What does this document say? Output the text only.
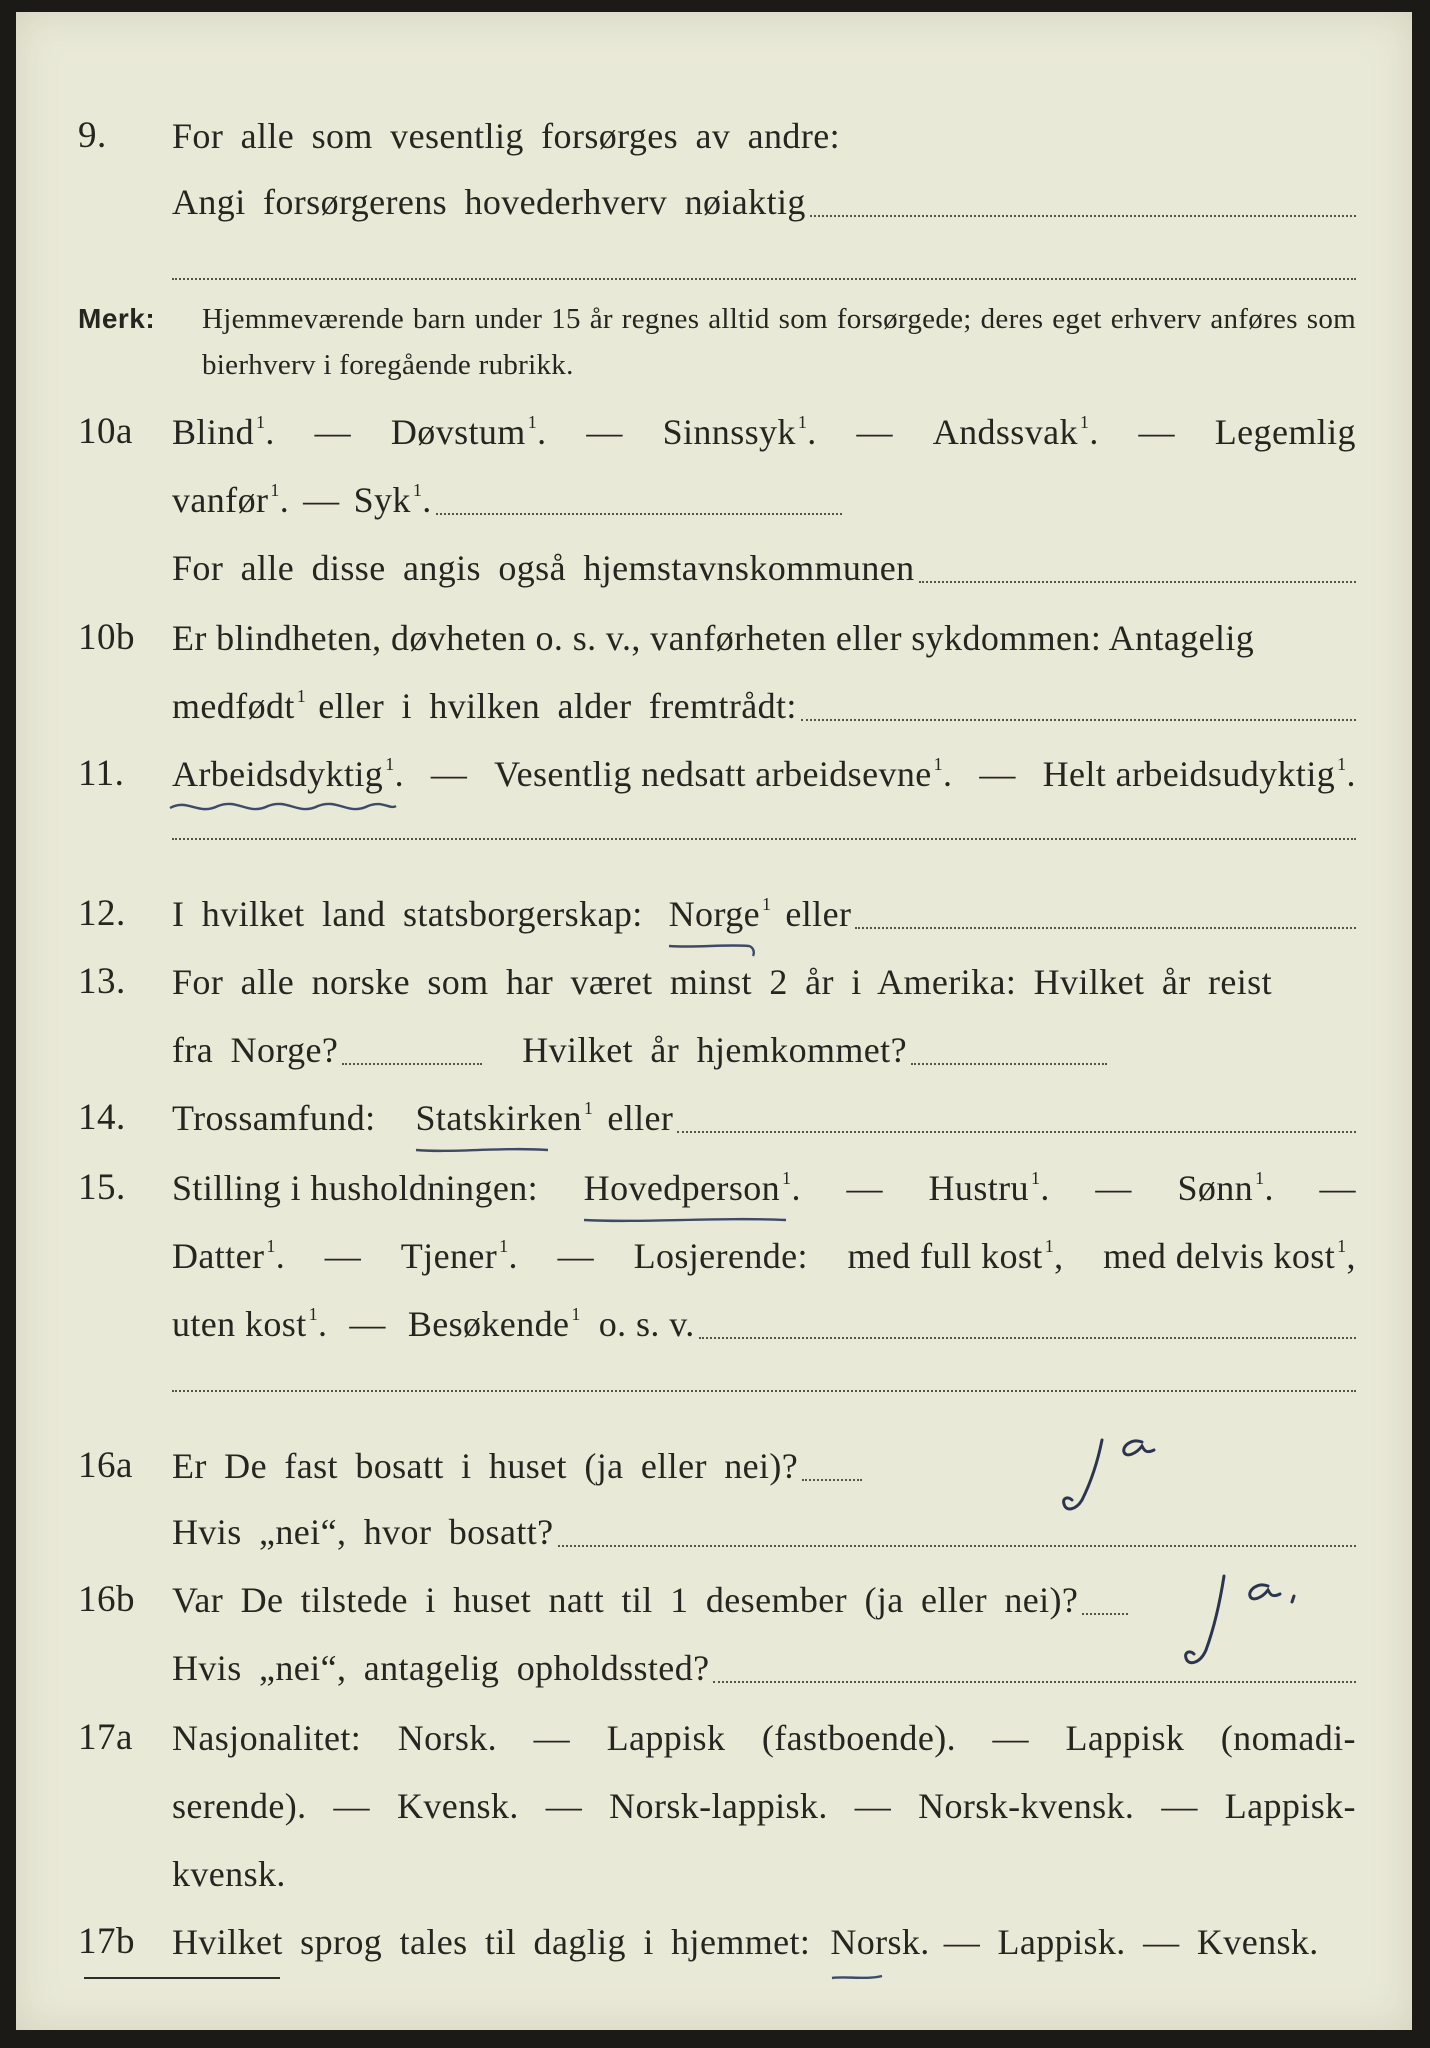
9. For alle som vesentlig forsørges av andre:
Angi forsørgerens hovederhverv nøiaktig
Merk: Hjemmeværende barn under 15 år regnes alltid som forsørgede; deres eget erhverv anføres som bierhverv i foregående rubrikk.
10a Blind $^1$. — Døvstum $^1$. — Sinnssyk $^1$. — Andssvak $^1$. — Legemlig
vanfør $^1$. — Syk $^1$.
For alle disse angis også hjemstavnskommunen
10b Er blindheten, døvheten o. s. v., vanførheten eller sykdommen: Antagelig
medfødt $^1$ eller i hvilken alder fremtrådt:
11. Arbeidsdyktig $^1$. — Vesentlig nedsatt arbeidsevne $^1$. — Helt arbeidsudyktig $^1$.
12. I hvilket land statsborgerskap: Norge $^1$ eller
13. For alle norske som har været minst 2 år i Amerika: Hvilket år reist
fra Norge?	Hvilket år hjemkommet?
14. Trossamfund: Statskirken $^1$ eller
15. Stilling i husholdningen: Hovedperson $^1$. — Hustru $^1$. — Sønn $^1$. —
Datter $^1$. — Tjener $^1$. — Losjerende: med full kost $^1$, med delvis kost $^1$,
uten kost $^1$. — Besøkende $^1$ o. s. v.
16a Er De fast bosatt i huset (ja eller nei)?
Hvis „nei“, hvor bosatt?
16b Var De tilstede i huset natt til 1 desember (ja eller nei)?
Hvis „nei“, antagelig opholdssted?
17a Nasjonalitet: Norsk. — Lappisk (fastboende). — Lappisk (nomadi-
serende). — Kvensk. — Norsk-lappisk. — Norsk-kvensk. — Lappisk-
kvensk.
17b Hvilket sprog tales til daglig i hjemmet: Norsk. — Lappisk. — Kvensk.
